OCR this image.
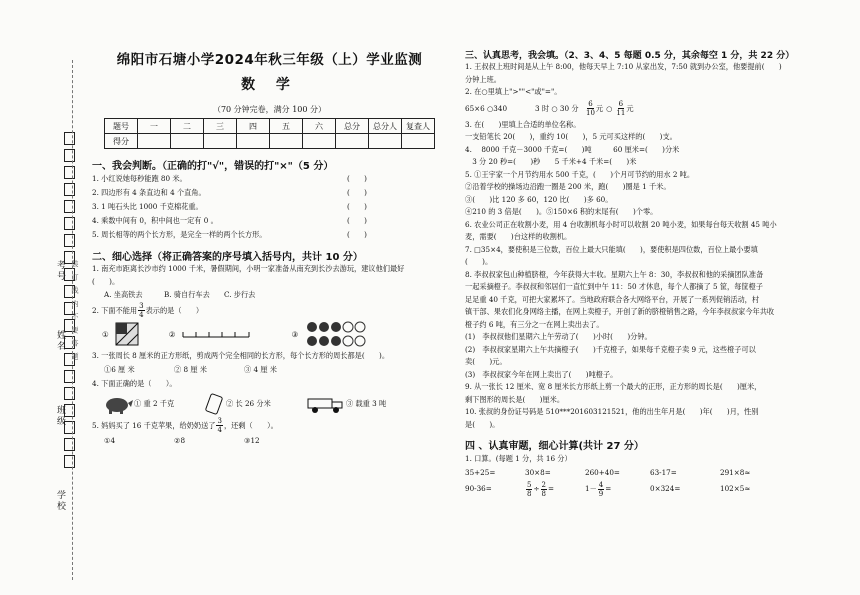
考号
姓名
班级
学校
装 订 线 内 不 要 答 题
绵阳市石塘小学2024年秋三年级（上）学业监测
数 学
（70 分钟完卷，满分 100 分）
题号	一	二	三	四	五	六	总分	总分人	复查人
得分									
一、我会判断。（正确的打"√"，错误的打"×"（5 分）
1. 小红说她每秒能跑 80 米。	(　　)
2. 四边形有 4 条直边和 4 个直角。	(　　)
3. 1 吨石头比 1000 千克棉花重。	(　　)
4. 乘数中间有 0，积中间也一定有 0 。	(　　)
5. 周长相等的两个长方形，是完全一样的两个长方形。	(　　)
二、细心选择（将正确答案的序号填入括号内，共计 10 分）
1. 南充市距离长沙市约 1000 千米，暑假期间，小明一家准备从南充到长沙去游玩，建议他们最好
(　　)。
A. 坐高铁去	B. 骑自行车去	C. 步行去
2. 下面不能用 $\frac{3}{4}$ 表示的是（　　）
①	②	③
3. 一张周长 8 厘米的正方形纸，剪成两个完全相同的长方形，每个长方形的周长都是(　　)。
①6 厘 米	② 8 厘 米	③ 4 厘 米
4. 下面正确的是（　　）。
① 重 2 千克	② 长 26 分米	③ 载重 3 吨
5. 妈妈买了 16 千克苹果，给奶奶送了 $\frac{3}{4}$ ，还剩（　　）。
①4	②8	③12
三、认真思考，我会填。（2、3、4、5 每题 0.5 分，其余每空 1 分，共 22 分）
1. 王叔叔上班时间是从上午 8:00，他每天早上 7:10 从家出发，7:50 就到办公室，他要提前(　　)
分钟上班。
2. 在○里填上">""<"或"="。
65×6 ○340	3 时 ○ 30 分	$\frac{6}{10}$ 元 ○ $\frac{6}{11}$ 元
3. 在(　　)里填上合适的单位名称。
一支铅笔长 20(　　)，重约 10(　　)，5 元可买这样的(　　)支。
4. 　8000 千克－3000 千克=(　　)吨　　　60 厘米=(　　)分米
　3 分 20 秒=(　　)秒　　5 千米+4 千米=(　　)米
5. ①王宇家一个月节约用水 500 千克，(　　)个月可节约的用水 2 吨。
②沿着学校的操场边沿跑一圈是 200 米，跑(　　)圈是 1 千米。
③(　　)比 120 多 60，120 比(　　)多 60。
④210 的 3 倍是(　　)。⑤150×6 积的末尾有(　　)个零。
6. 农业公司正在收割小麦，用 4 台收割机每小时可以收割 20 吨小麦，如果每台每天收割 45 吨小
麦，需要(　　)台这样的收割机。
7. □35×4，要使积是三位数，百位上最大只能填(　　)，要使积是四位数，百位上最小要填
(　　)。
8. 李叔叔家包山种植脐橙，今年获得大丰收。星期六上午 8：30，李叔叔和他的采摘团队准备
一起采摘橙子。李叔叔和邻居们一直忙到中午 11：50 才休息，每个人都摘了 5 筐，每筐橙子
足足重 40 千克，可把大家累坏了。当地政府联合各大网络平台，开展了一系列促销活动，村
镇干部、果农们化身网络主播，在网上卖橙子，开创了新的脐橙销售之路，今年李叔叔家今年共收
橙子约 6 吨，有三分之一在网上卖出去了。
(1)　李叔叔他们星期六上午劳动了(　　)小时(　　)分钟。
(2)　李叔叔家星期六上午共摘橙子(　　)千克橙子，如果每千克橙子卖 9 元，这些橙子可以
卖(　　)元。
(3)　李叔叔家今年在网上卖出了(　　)吨橙子。
9. 从一张长 12 厘米、宽 8 厘米长方形纸上剪一个最大的正形，正方形的周长是(　　)厘米，
剩下图形的周长是(　　)厘米。
10. 张叔的身份证号码是 510***201603121521，他的出生年月是(　　)年(　　)月，性别
是(　　)。
四 、认真审题，细心计算(共计 27 分）
1. 口算。(每题 1 分，共 16 分）
35+25=	30×8=	260+40=	63-17=	291×8≈
90-36=	$\frac{5}{8} \div \frac{2}{8}$ =	$1- \frac{4}{9}$ =	0×324=	102×5≈
